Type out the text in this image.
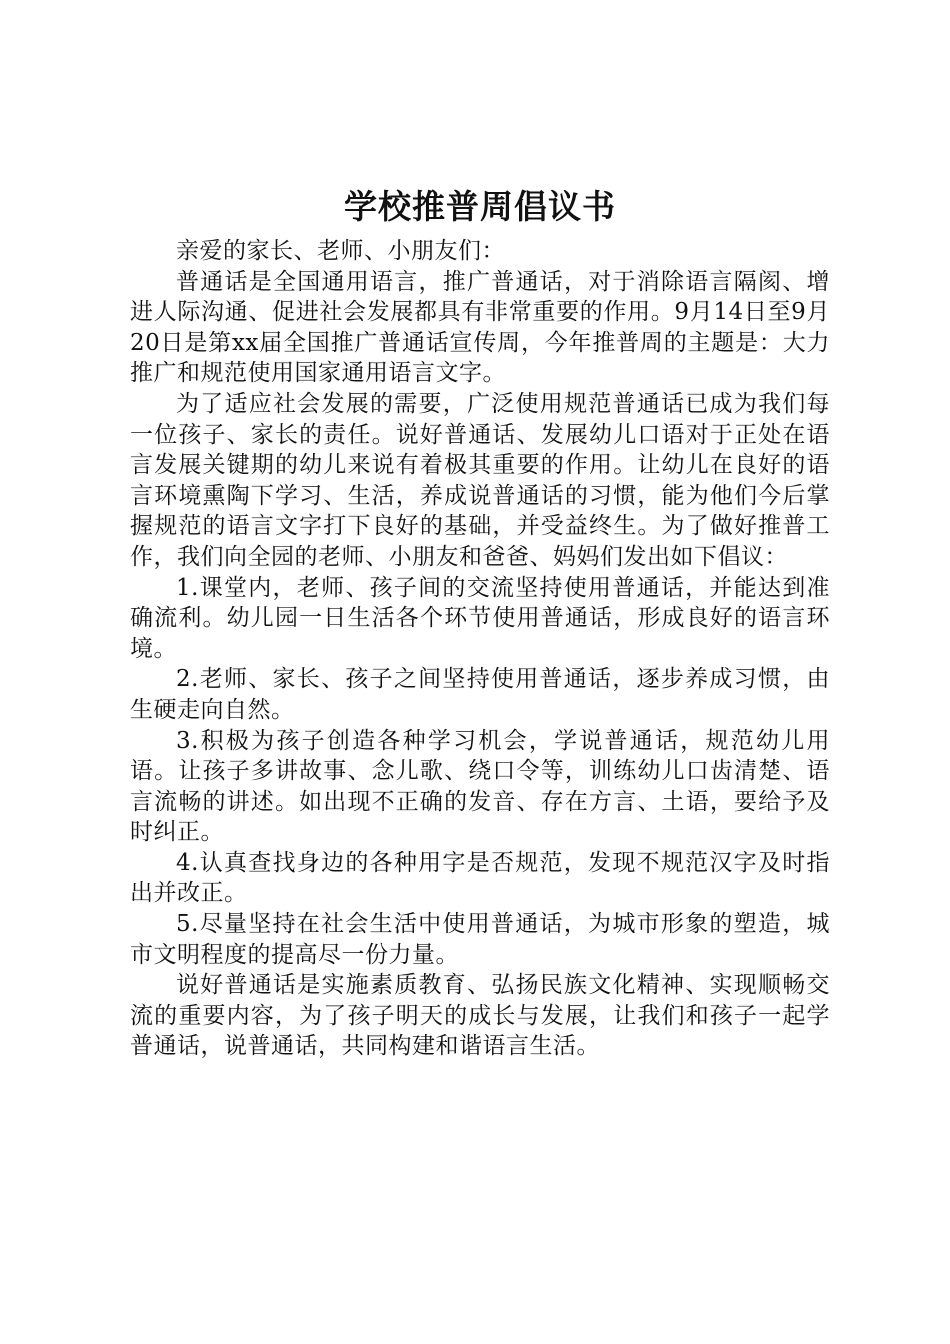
学校推普周倡议书

亲爱的家长、老师、小朋友们：

普通话是全国通用语言，推广普通话，对于消除语言隔阂、增进人际沟通、促进社会发展都具有非常重要的作用。9月14日至9月20日是第xx届全国推广普通话宣传周，今年推普周的主题是：大力推广和规范使用国家通用语言文字。

为了适应社会发展的需要，广泛使用规范普通话已成为我们每一位孩子、家长的责任。说好普通话、发展幼儿口语对于正处在语言发展关键期的幼儿来说有着极其重要的作用。让幼儿在良好的语言环境熏陶下学习、生活，养成说普通话的习惯，能为他们今后掌握规范的语言文字打下良好的基础，并受益终生。为了做好推普工作，我们向全园的老师、小朋友和爸爸、妈妈们发出如下倡议：

1.课堂内，老师、孩子间的交流坚持使用普通话，并能达到准确流利。幼儿园一日生活各个环节使用普通话，形成良好的语言环境。

2.老师、家长、孩子之间坚持使用普通话，逐步养成习惯，由生硬走向自然。

3.积极为孩子创造各种学习机会，学说普通话，规范幼儿用语。让孩子多讲故事、念儿歌、绕口令等，训练幼儿口齿清楚、语言流畅的讲述。如出现不正确的发音、存在方言、土语，要给予及时纠正。

4.认真查找身边的各种用字是否规范，发现不规范汉字及时指出并改正。

5.尽量坚持在社会生活中使用普通话，为城市形象的塑造，城市文明程度的提高尽一份力量。

说好普通话是实施素质教育、弘扬民族文化精神、实现顺畅交流的重要内容，为了孩子明天的成长与发展，让我们和孩子一起学普通话，说普通话，共同构建和谐语言生活。
